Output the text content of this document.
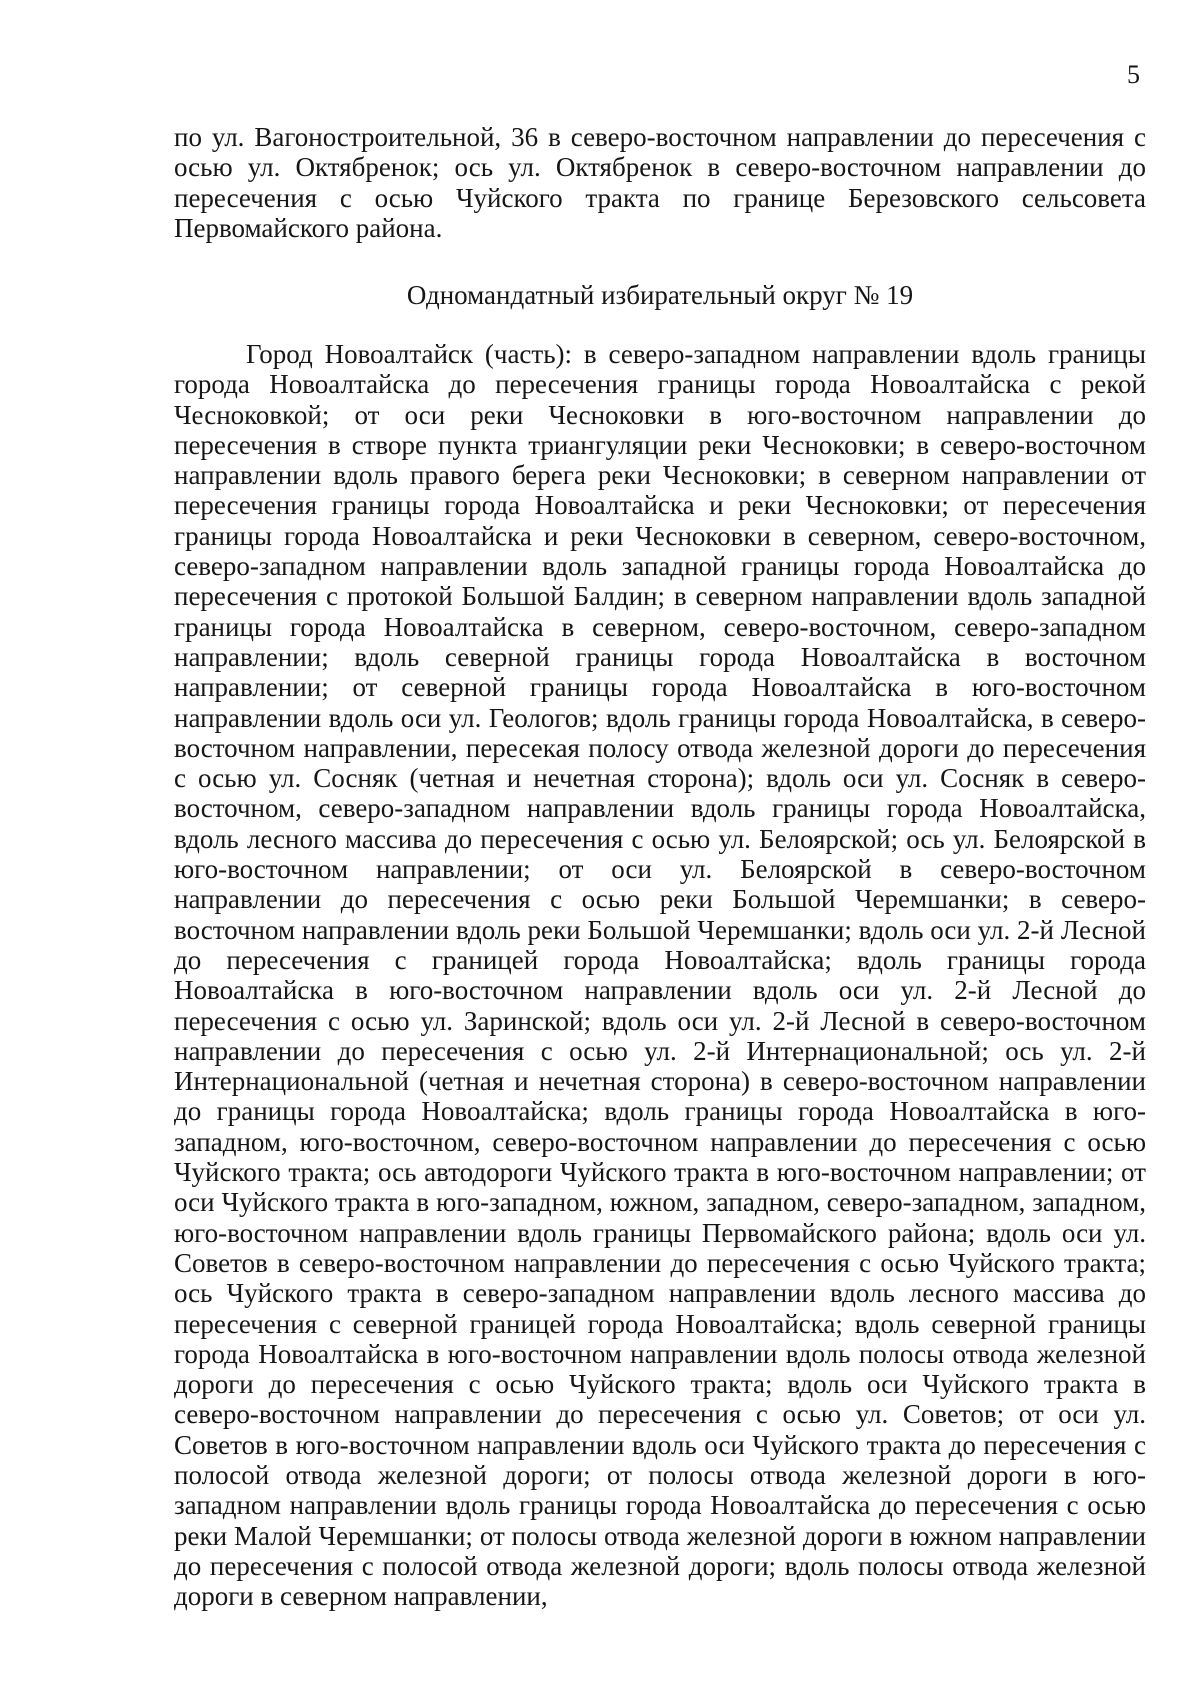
5

по ул. Вагоностроительной, 36 в северо-восточном направлении до пересечения с осью ул. Октябренок; ось ул. Октябренок в северо-восточном направлении до пересечения с осью Чуйского тракта по границе Березовского сельсовета Первомайского района.

Одномандатный избирательный округ № 19

Город Новоалтайск (часть): в северо-западном направлении вдоль границы города Новоалтайска до пересечения границы города Новоалтайска с рекой Чесноковкой; от оси реки Чесноковки в юго-восточном направлении до пересечения в створе пункта триангуляции реки Чесноковки; в северо-восточном направлении вдоль правого берега реки Чесноковки; в северном направлении от пересечения границы города Новоалтайска и реки Чесноковки; от пересечения границы города Новоалтайска и реки Чесноковки в северном, северо-восточном, северо-западном направлении вдоль западной границы города Новоалтайска до пересечения с протокой Большой Балдин; в северном направлении вдоль западной границы города Новоалтайска в северном, северо-восточном, северо-западном направлении; вдоль северной границы города Новоалтайска в восточном направлении; от северной границы города Новоалтайска в юго-восточном направлении вдоль оси ул. Геологов; вдоль границы города Новоалтайска, в северо-восточном направлении, пересекая полосу отвода железной дороги до пересечения с осью ул. Сосняк (четная и нечетная сторона); вдоль оси ул. Сосняк в северо-восточном, северо-западном направлении вдоль границы города Новоалтайска, вдоль лесного массива до пересечения с осью ул. Белоярской; ось ул. Белоярской в юго-восточном направлении; от оси ул. Белоярской в северо-восточном направлении до пересечения с осью реки Большой Черемшанки; в северо-восточном направлении вдоль реки Большой Черемшанки; вдоль оси ул. 2-й Лесной до пересечения с границей города Новоалтайска; вдоль границы города Новоалтайска в юго-восточном направлении вдоль оси ул. 2-й Лесной до пересечения с осью ул. Заринской; вдоль оси ул. 2-й Лесной в северо-восточном направлении до пересечения с осью ул. 2-й Интернациональной; ось ул. 2-й Интернациональной (четная и нечетная сторона) в северо-восточном направлении до границы города Новоалтайска; вдоль границы города Новоалтайска в юго-западном, юго-восточном, северо-восточном направлении до пересечения с осью Чуйского тракта; ось автодороги Чуйского тракта в юго-восточном направлении; от оси Чуйского тракта в юго-западном, южном, западном, северо-западном, западном, юго-восточном направлении вдоль границы Первомайского района; вдоль оси ул. Советов в северо-восточном направлении до пересечения с осью Чуйского тракта; ось Чуйского тракта в северо-западном направлении вдоль лесного массива до пересечения с северной границей города Новоалтайска; вдоль северной границы города Новоалтайска в юго-восточном направлении вдоль полосы отвода железной дороги до пересечения с осью Чуйского тракта; вдоль оси Чуйского тракта в северо-восточном направлении до пересечения с осью ул. Советов; от оси ул. Советов в юго-восточном направлении вдоль оси Чуйского тракта до пересечения с полосой отвода железной дороги; от полосы отвода железной дороги в юго-западном направлении вдоль границы города Новоалтайска до пересечения с осью реки Малой Черемшанки; от полосы отвода железной дороги в южном направлении до пересечения с полосой отвода железной дороги; вдоль полосы отвода железной дороги в северном направлении,
